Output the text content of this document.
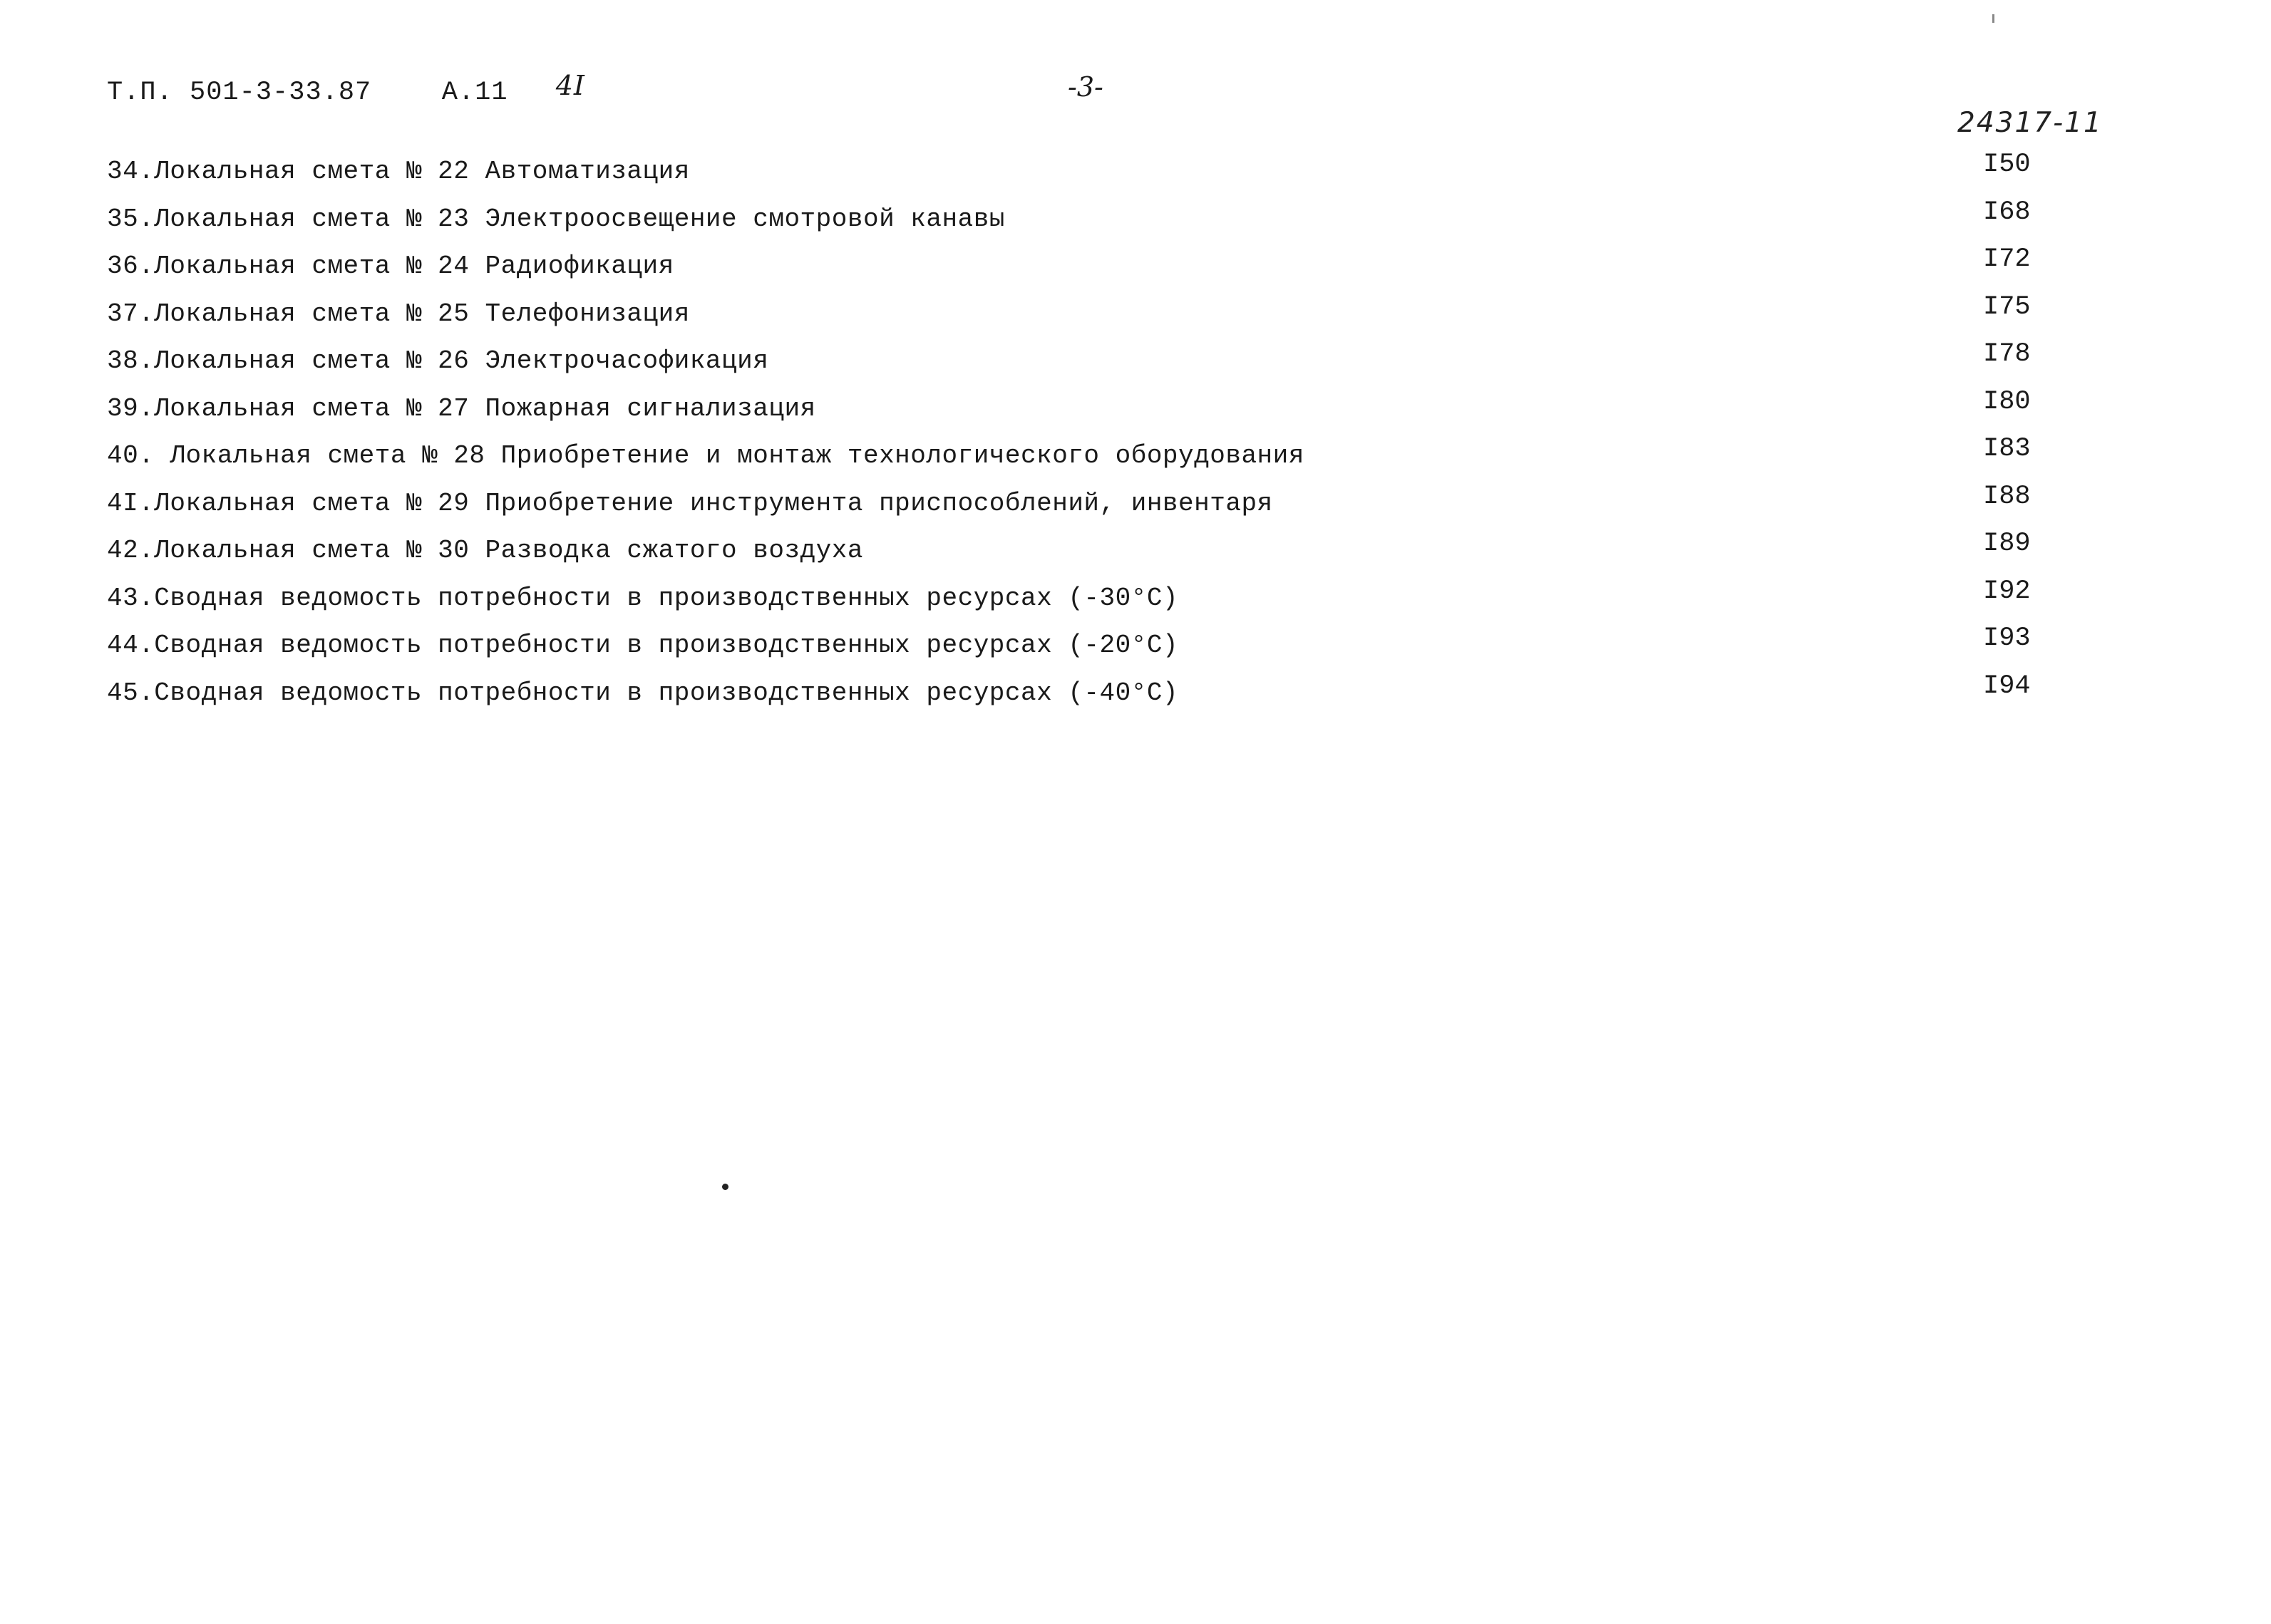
Т.П. 501-3-33.87	А.11 4I	-3-
24317-11
34.Локальная смета № 22 Автоматизация	I50
35.Локальная смета № 23 Электроосвещение смотровой канавы	I68
36.Локальная смета № 24 Радиофикация	I72
37.Локальная смета № 25 Телефонизация	I75
38.Локальная смета № 26 Электрочасофикация	I78
39.Локальная смета № 27 Пожарная сигнализация	I80
40. Локальная смета № 28 Приобретение и монтаж технологического оборудования	I83
4I.Локальная смета № 29 Приобретение инструмента приспособлений, инвентаря	I88
42.Локальная смета № 30 Разводка сжатого воздуха	I89
43.Сводная ведомость потребности в производственных ресурсах (-30°С)	I92
44.Сводная ведомость потребности в производственных ресурсах (-20°С)	I93
45.Сводная ведомость потребности в производственных ресурсах (-40°С)	I94
